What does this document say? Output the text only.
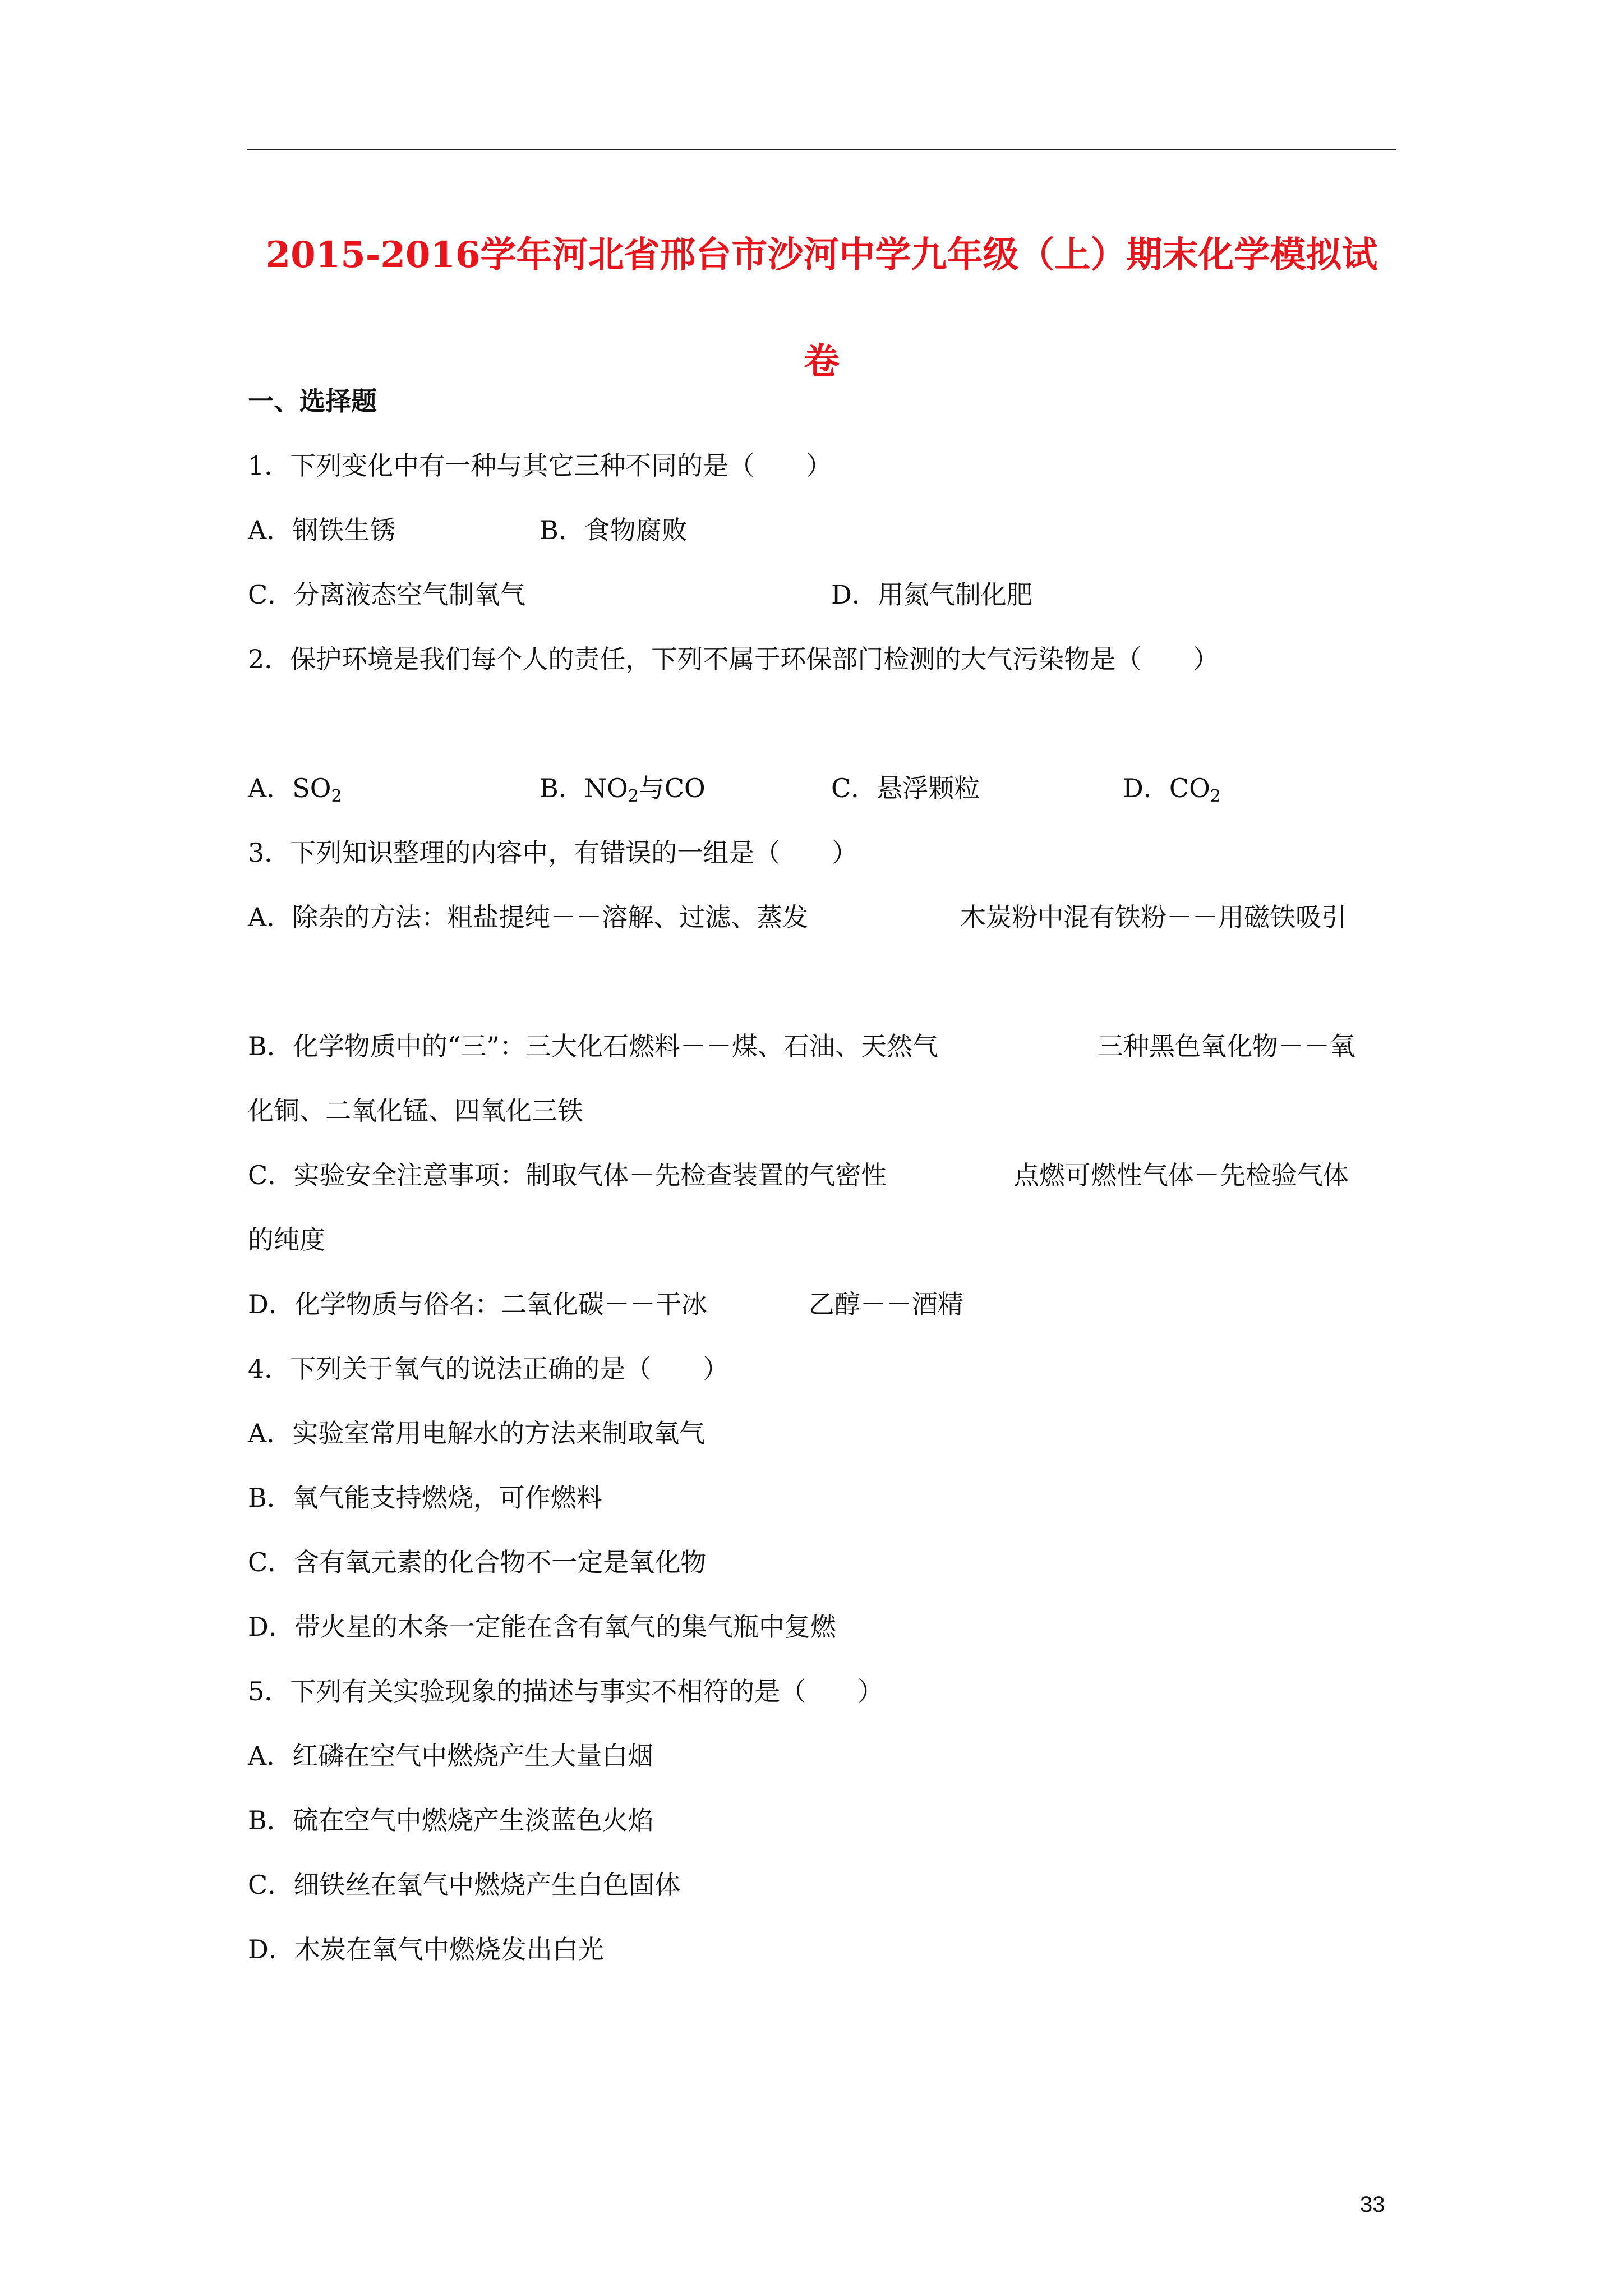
2015-2016学年河北省邢台市沙河中学九年级（上）期末化学模拟试
卷
一、选择题
1．下列变化中有一种与其它三种不同的是（　　）
A．钢铁生锈	B．食物腐败
C．分离液态空气制氧气	D．用氮气制化肥
2．保护环境是我们每个人的责任，下列不属于环保部门检测的大气污染物是（　　）
A．$SO_2$	B．$NO_2$与CO	C．悬浮颗粒	D．$CO_2$
3．下列知识整理的内容中，有错误的一组是（　　）
A．除杂的方法：粗盐提纯－－溶解、过滤、蒸发	木炭粉中混有铁粉－－用磁铁吸引
B．化学物质中的“三”：三大化石燃料－－煤、石油、天然气	三种黑色氧化物－－氧
化铜、二氧化锰、四氧化三铁
C．实验安全注意事项：制取气体－先检查装置的气密性	点燃可燃性气体－先检验气体
的纯度
D．化学物质与俗名：二氧化碳－－干冰	乙醇－－酒精
4．下列关于氧气的说法正确的是（　　）
A．实验室常用电解水的方法来制取氧气
B．氧气能支持燃烧，可作燃料
C．含有氧元素的化合物不一定是氧化物
D．带火星的木条一定能在含有氧气的集气瓶中复燃
5．下列有关实验现象的描述与事实不相符的是（　　）
A．红磷在空气中燃烧产生大量白烟
B．硫在空气中燃烧产生淡蓝色火焰
C．细铁丝在氧气中燃烧产生白色固体
D．木炭在氧气中燃烧发出白光
33
